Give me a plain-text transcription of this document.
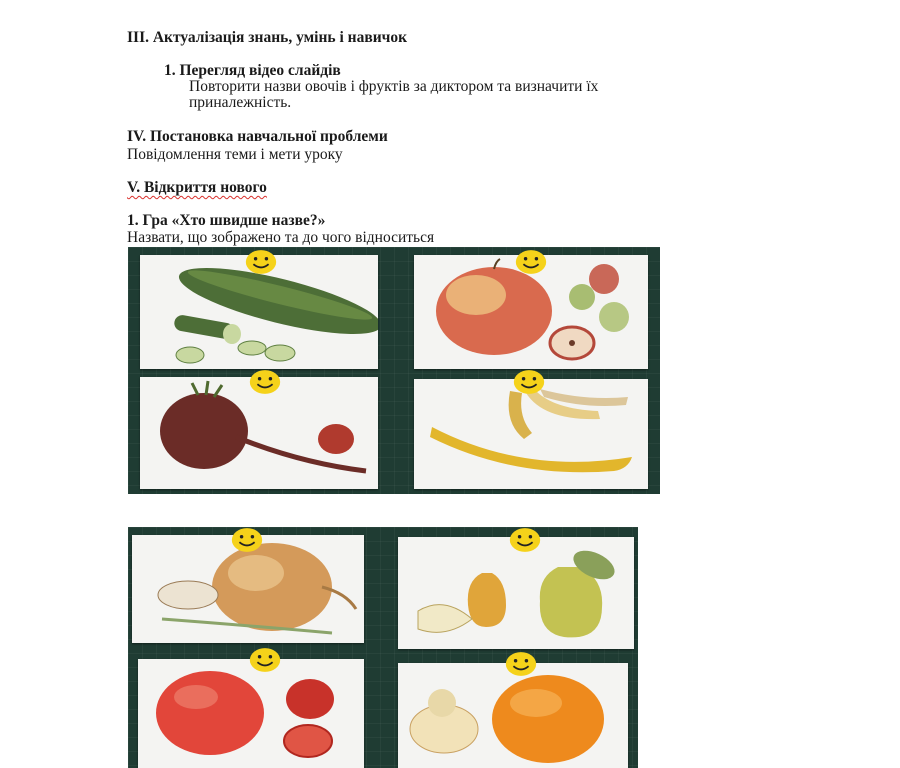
III. Актуалізація знань, умінь і навичок
1. Перегляд відео слайдів
Повторити назви овочів і фруктів за диктором та визначити їх
приналежність.
IV. Постановка навчальної проблеми
Повідомлення теми і мети уроку
V. Відкриття нового
1. Гра «Хто швидше назве?»
Назвати, що зображено та до чого відноситься
